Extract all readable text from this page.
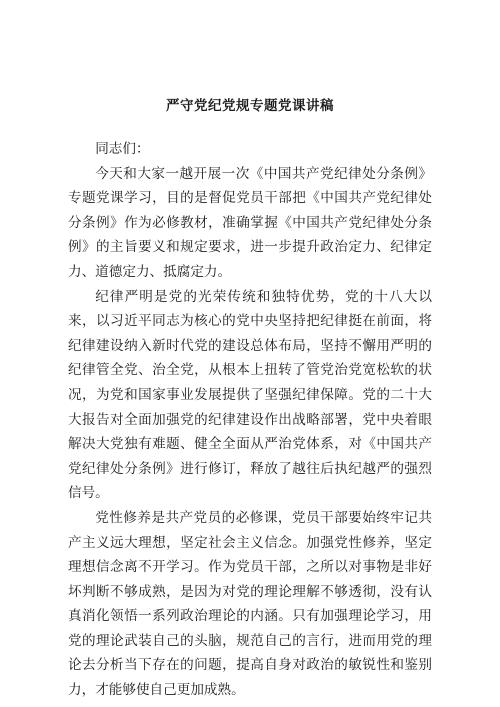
严守党纪党规专题党课讲稿

同志们：

今天和大家一越开展一次《中国共产党纪律处分条例》专题党课学习，目的是督促党员干部把《中国共产党纪律处分条例》作为必修教材，准确掌握《中国共产党纪律处分条例》的主旨要义和规定要求，进一步提升政治定力、纪律定力、道德定力、抵腐定力。

纪律严明是党的光荣传统和独特优势，党的十八大以来，以习近平同志为核心的党中央坚持把纪律挺在前面，将纪律建设纳入新时代党的建设总体布局，坚持不懈用严明的纪律管全党、治全党，从根本上扭转了管党治党宽松软的状况，为党和国家事业发展提供了坚强纪律保障。党的二十大大报告对全面加强党的纪律建设作出战略部署，党中央着眼解决大党独有难题、健全全面从严治党体系，对《中国共产党纪律处分条例》进行修订，释放了越往后执纪越严的强烈信号。

党性修养是共产党员的必修课，党员干部要始终牢记共产主义远大理想，坚定社会主义信念。加强党性修养，坚定理想信念离不开学习。作为党员干部，之所以对事物是非好坏判断不够成熟，是因为对党的理论理解不够透彻，没有认真消化领悟一系列政治理论的内涵。只有加强理论学习，用党的理论武装自己的头脑，规范自己的言行，进而用党的理论去分析当下存在的问题，提高自身对政治的敏锐性和鉴别力，才能够使自己更加成熟。
